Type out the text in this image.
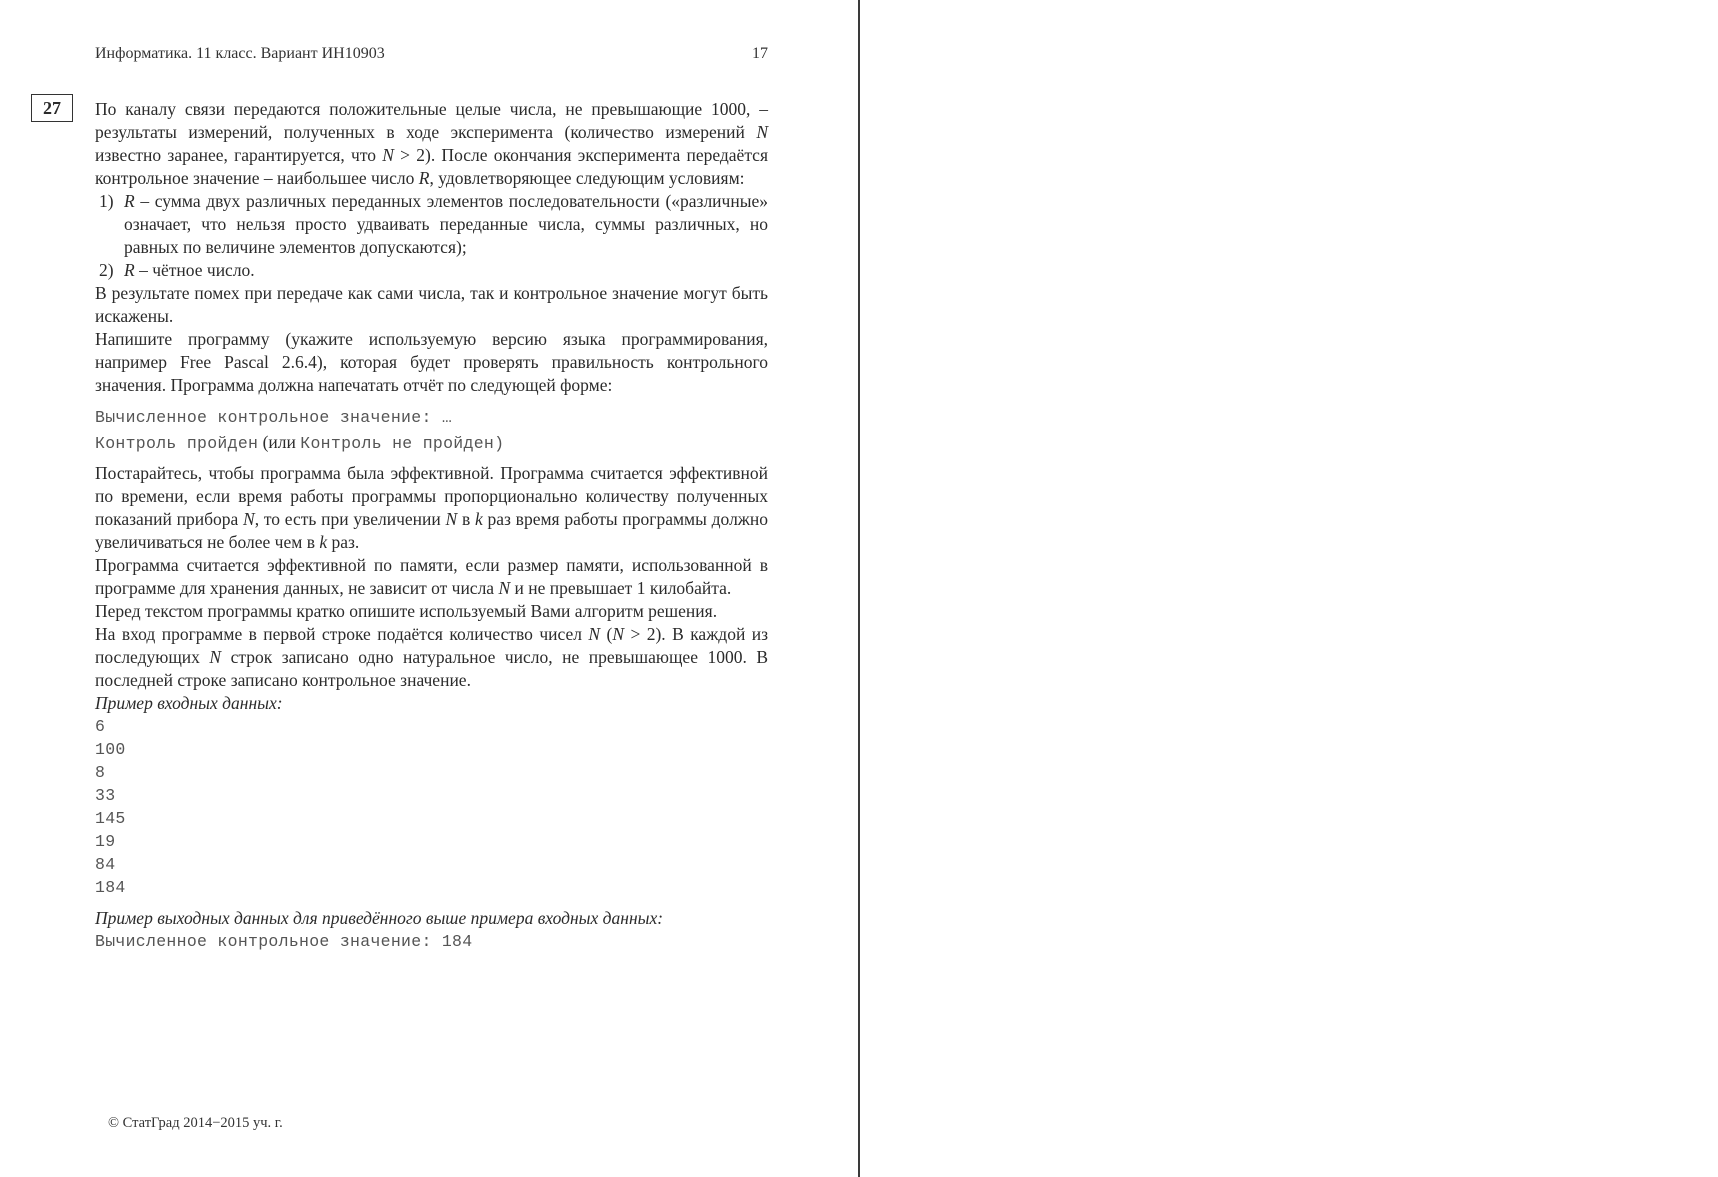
Информатика. 11 класс. Вариант ИН10903	17
27	По каналу связи передаются положительные целые числа, не превышающие 1000, – результаты измерений, полученных в ходе эксперимента (количество измерений N известно заранее, гарантируется, что N > 2). После окончания эксперимента передаётся контрольное значение – наибольшее число R, удовлетворяющее следующим условиям:

1) R – сумма двух различных переданных элементов последовательности («различные» означает, что нельзя просто удваивать переданные числа, суммы различных, но равных по величине элементов допускаются);

2) R – чётное число.

В результате помех при передаче как сами числа, так и контрольное значение могут быть искажены.

Напишите программу (укажите используемую версию языка программирования, например Free Pascal 2.6.4), которая будет проверять правильность контрольного значения. Программа должна напечатать отчёт по следующей форме:

Вычисленное контрольное значение: …
Контроль пройден (или Контроль не пройден)

Постарайтесь, чтобы программа была эффективной. Программа считается эффективной по времени, если время работы программы пропорционально количеству полученных показаний прибора N, то есть при увеличении N в k раз время работы программы должно увеличиваться не более чем в k раз.

Программа считается эффективной по памяти, если размер памяти, использованной в программе для хранения данных, не зависит от числа N и не превышает 1 килобайта.

Перед текстом программы кратко опишите используемый Вами алгоритм решения.

На вход программе в первой строке подаётся количество чисел N (N > 2). В каждой из последующих N строк записано одно натуральное число, не превышающее 1000. В последней строке записано контрольное значение.

Пример входных данных:

6
100
8
33
145
19
84
184

Пример выходных данных для приведённого выше примера входных данных:

Вычисленное контрольное значение: 184
© СтатГрад 2014−2015 уч. г.
